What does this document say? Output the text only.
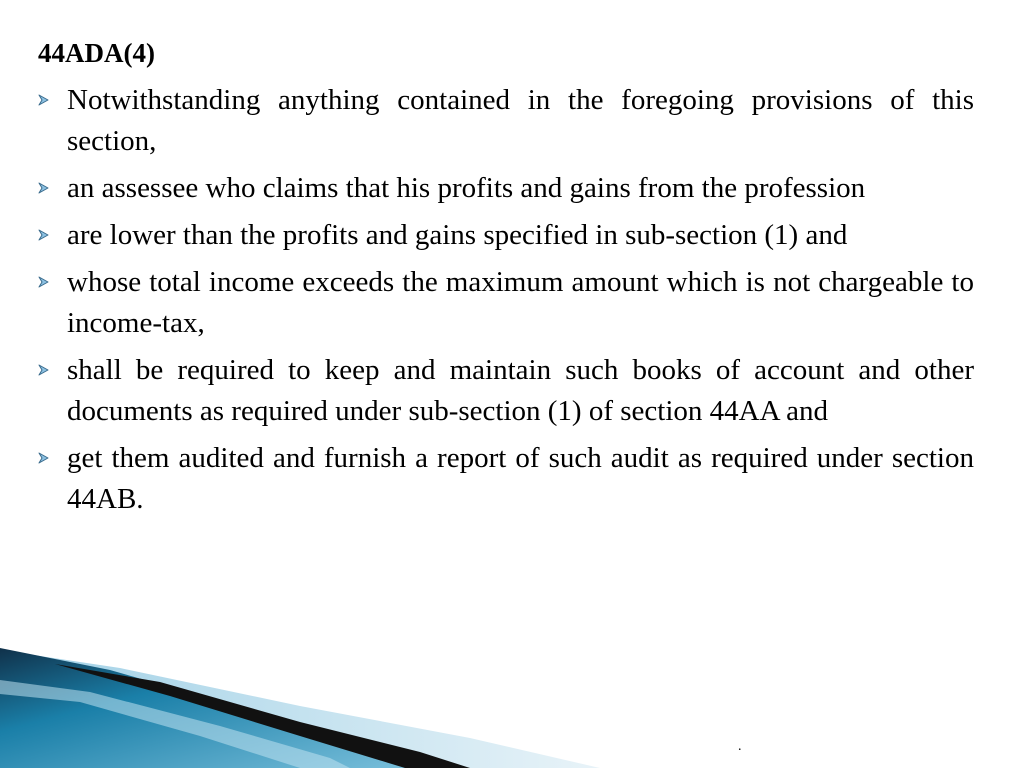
44ADA(4)
Notwithstanding anything contained in the foregoing provisions of this section,
an assessee who claims that his profits and gains from the profession
are lower than the profits and gains specified in sub-section (1) and
whose total income exceeds the maximum amount which is not chargeable to income-tax,
shall be required to keep and maintain such books of account and other documents as required under sub-section (1) of section 44AA and
get them audited and furnish a report of such audit as required under section 44AB.
.
